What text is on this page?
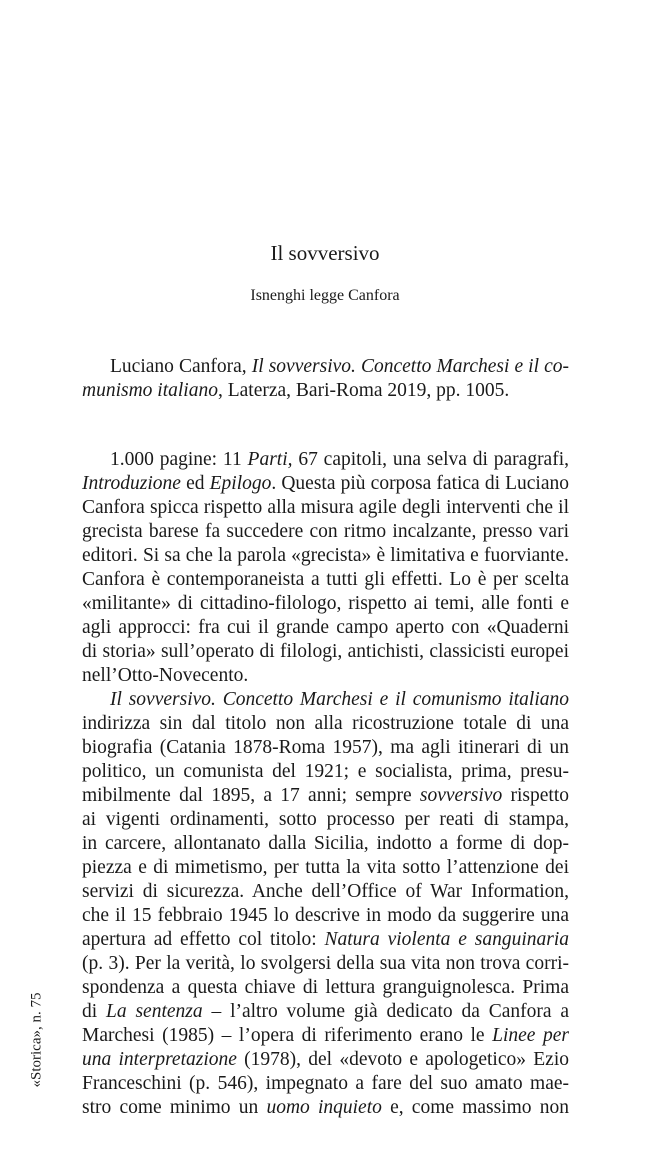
Il sovversivo
Isnenghi legge Canfora
Luciano Canfora, Il sovversivo. Concetto Marchesi e il co-
munismo italiano, Laterza, Bari-Roma 2019, pp. 1005.
1.000 pagine: 11 Parti, 67 capitoli, una selva di paragrafi,
Introduzione ed Epilogo. Questa più corposa fatica di Luciano
Canfora spicca rispetto alla misura agile degli interventi che il
grecista barese fa succedere con ritmo incalzante, presso vari
editori. Si sa che la parola «grecista» è limitativa e fuorviante.
Canfora è contemporaneista a tutti gli effetti. Lo è per scelta
«militante» di cittadino-filologo, rispetto ai temi, alle fonti e
agli approcci: fra cui il grande campo aperto con «Quaderni
di storia» sull’operato di filologi, antichisti, classicisti europei
nell’Otto-Novecento.
Il sovversivo. Concetto Marchesi e il comunismo italiano
indirizza sin dal titolo non alla ricostruzione totale di una
biografia (Catania 1878-Roma 1957), ma agli itinerari di un
politico, un comunista del 1921; e socialista, prima, presu-
mibilmente dal 1895, a 17 anni; sempre sovversivo rispetto
ai vigenti ordinamenti, sotto processo per reati di stampa,
in carcere, allontanato dalla Sicilia, indotto a forme di dop-
piezza e di mimetismo, per tutta la vita sotto l’attenzione dei
servizi di sicurezza. Anche dell’Office of War Information,
che il 15 febbraio 1945 lo descrive in modo da suggerire una
apertura ad effetto col titolo: Natura violenta e sanguinaria
(p. 3). Per la verità, lo svolgersi della sua vita non trova corri-
spondenza a questa chiave di lettura granguignolesca. Prima
di La sentenza – l’altro volume già dedicato da Canfora a
Marchesi (1985) – l’opera di riferimento erano le Linee per
una interpretazione (1978), del «devoto e apologetico» Ezio
Franceschini (p. 546), impegnato a fare del suo amato mae-
stro come minimo un uomo inquieto e, come massimo non
«Storica», n. 75
